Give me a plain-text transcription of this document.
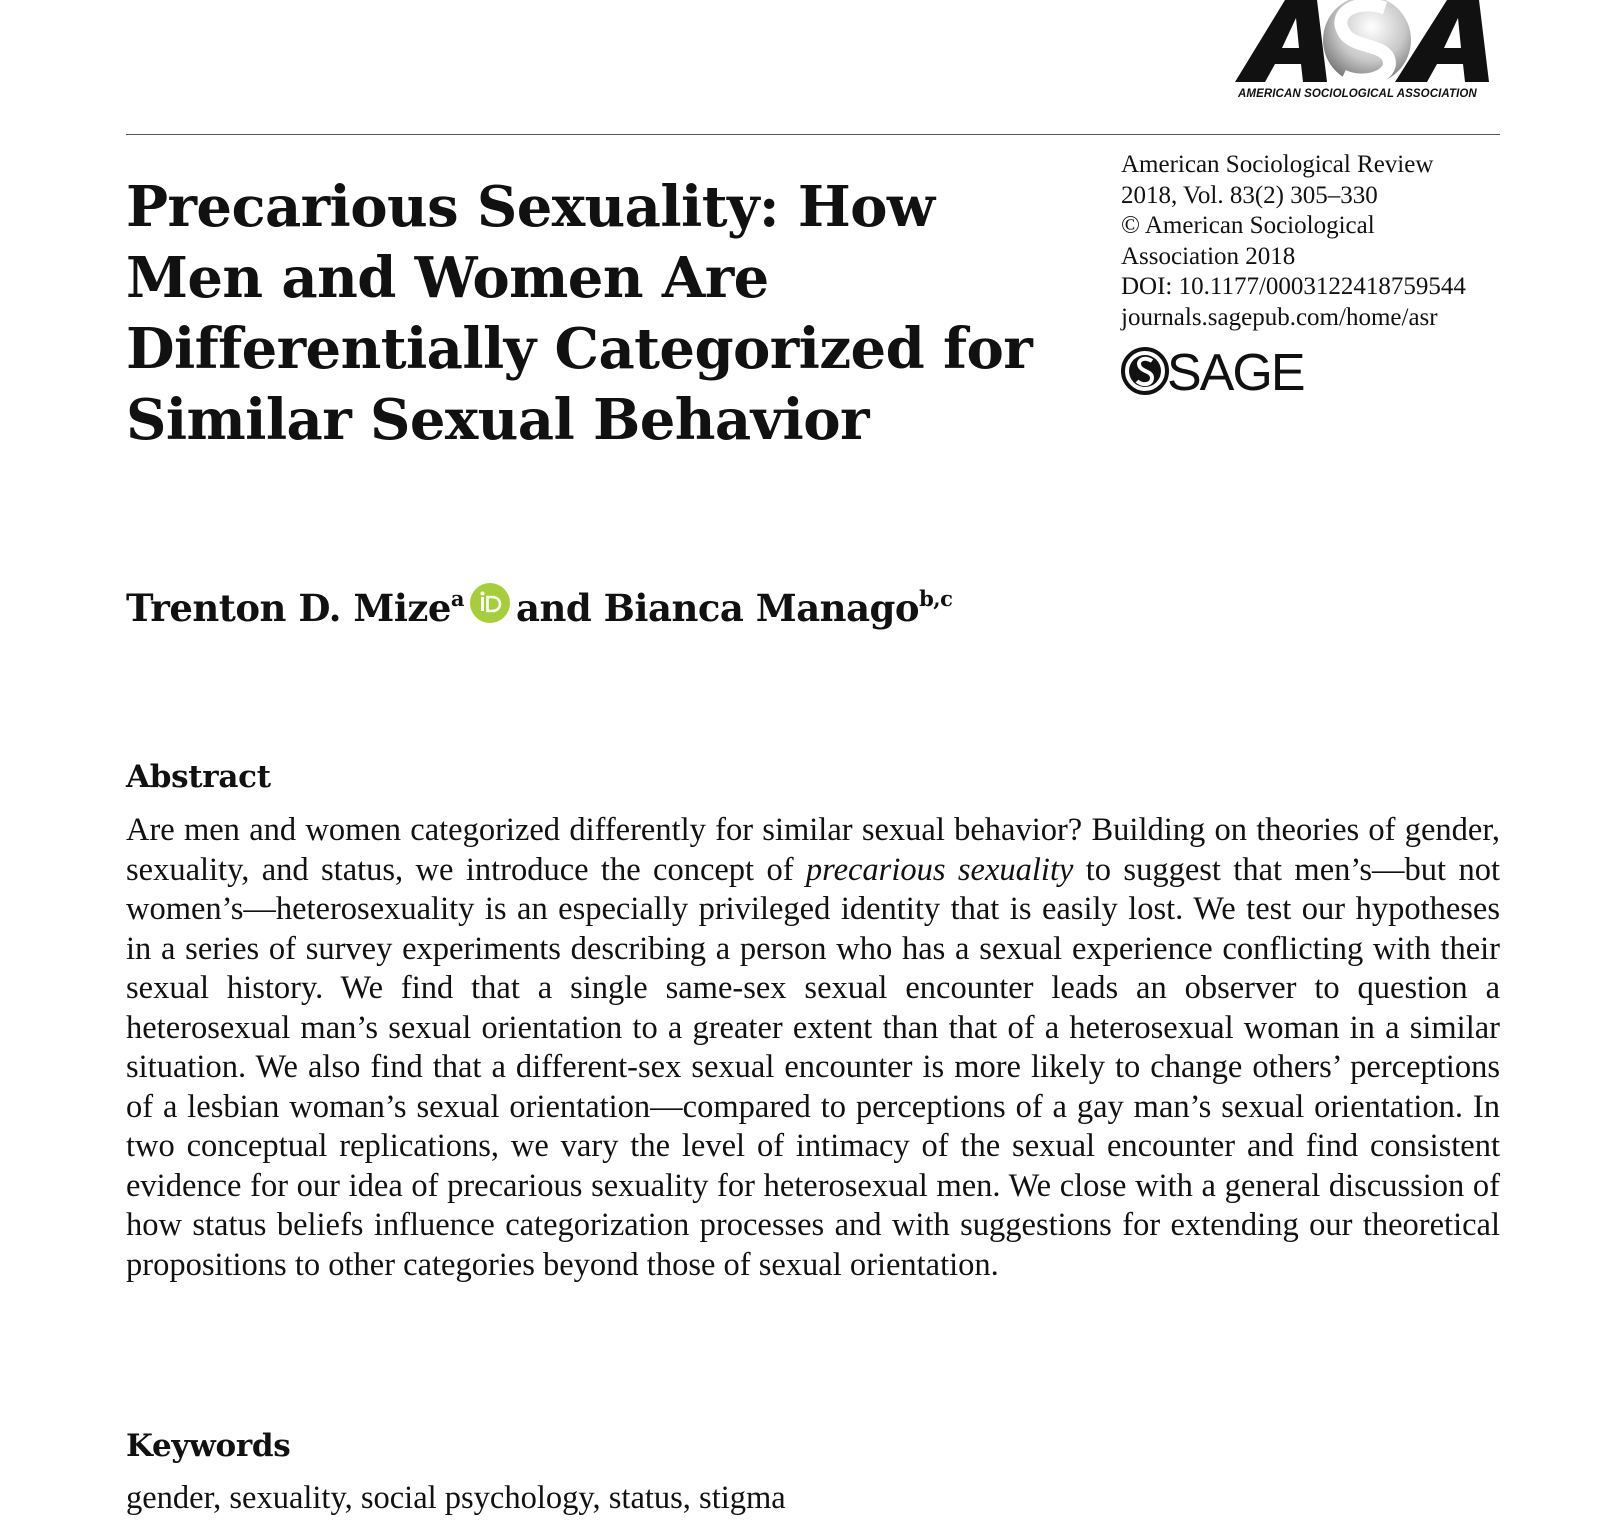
AMERICAN SOCIOLOGICAL ASSOCIATION
Precarious Sexuality: How Men and Women Are Differentially Categorized for Similar Sexual Behavior
American Sociological Review
2018, Vol. 83(2) 305–330
© American Sociological
Association 2018
DOI: 10.1177/0003122418759544
journals.sagepub.com/home/asr
SAGE
Trenton D. Mize$^a$ and Bianca Manago$^{b,c}$
Abstract

Are men and women categorized differently for similar sexual behavior? Building on theories of gender, sexuality, and status, we introduce the concept of precarious sexuality to suggest that men’s—but not women’s—heterosexuality is an especially privileged identity that is easily lost. We test our hypotheses in a series of survey experiments describing a person who has a sexual experience conflicting with their sexual history. We find that a single same-sex sexual encounter leads an observer to question a heterosexual man’s sexual orientation to a greater extent than that of a heterosexual woman in a similar situation. We also find that a different-sex sexual encounter is more likely to change others’ perceptions of a lesbian woman’s sexual orientation—compared to perceptions of a gay man’s sexual orientation. In two conceptual replications, we vary the level of intimacy of the sexual encounter and find consistent evidence for our idea of precarious sexuality for heterosexual men. We close with a general discussion of how status beliefs influence categorization processes and with suggestions for extending our theoretical propositions to other categories beyond those of sexual orientation.

Keywords
gender, sexuality, social psychology, status, stigma
